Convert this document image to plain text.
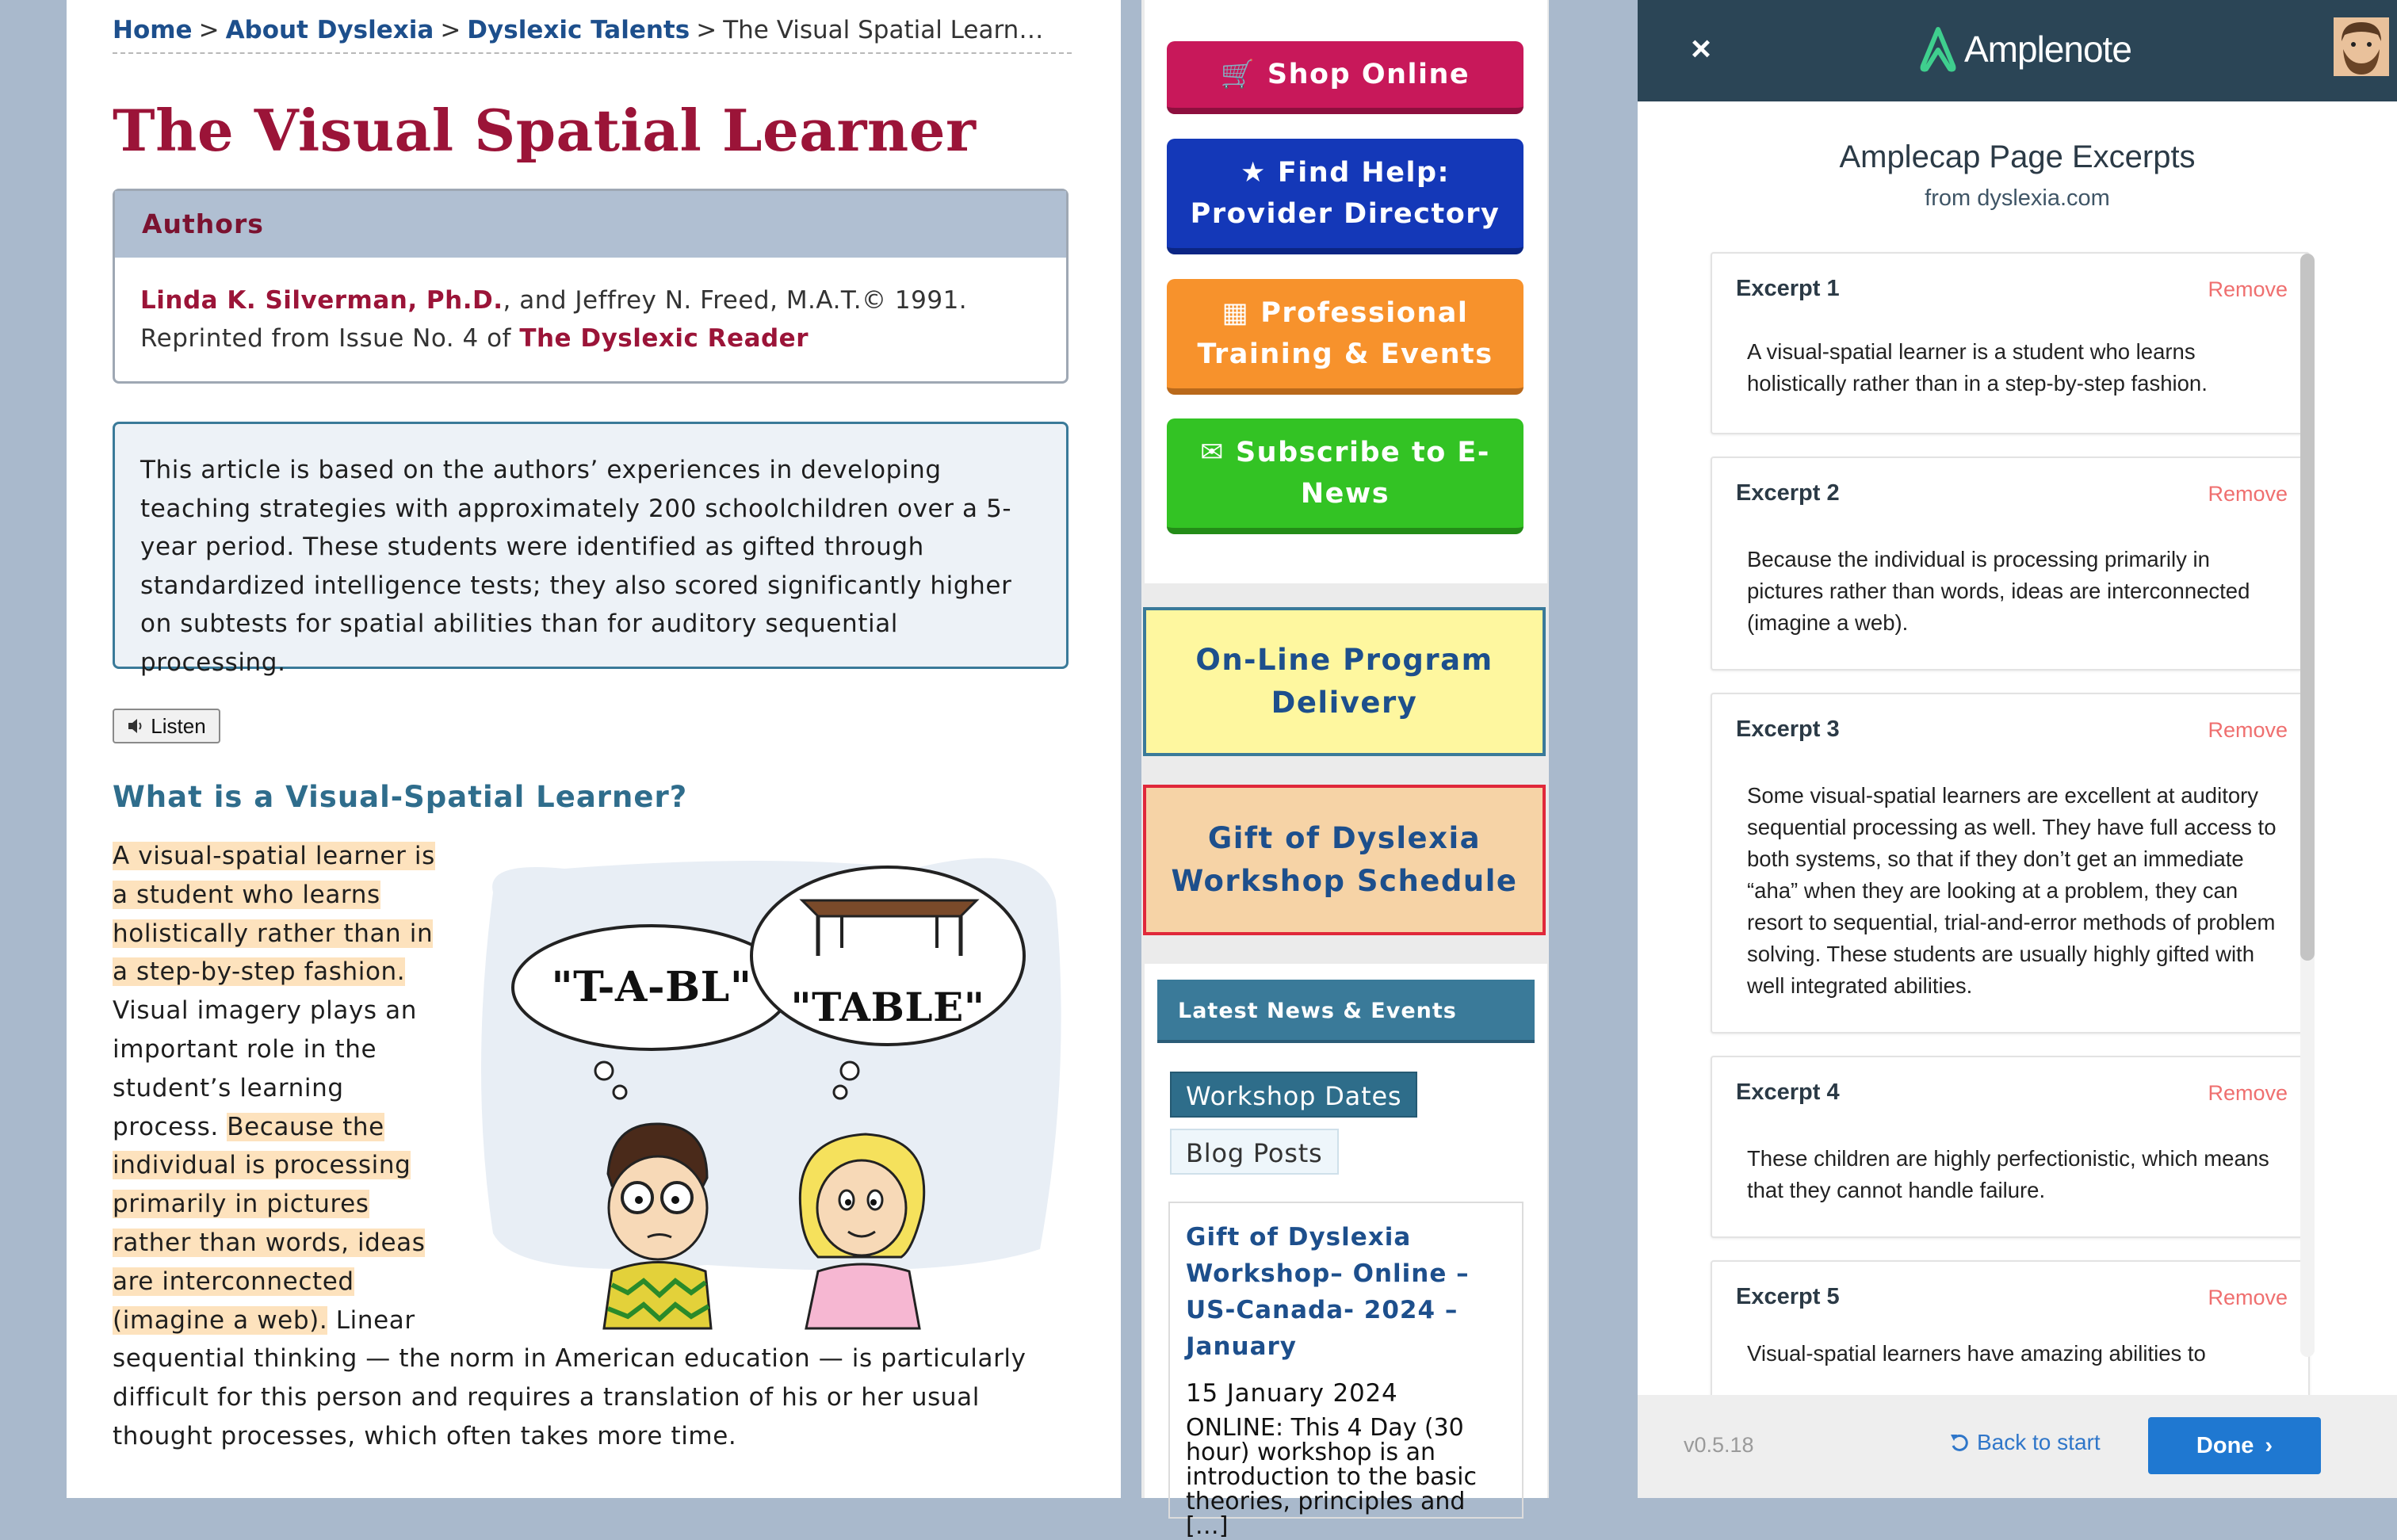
Home > About Dyslexia > Dyslexic Talents > The Visual Spatial Learn…
The Visual Spatial Learner
Authors
Linda K. Silverman, Ph.D., and Jeffrey N. Freed, M.A.T.© 1991. Reprinted from Issue No. 4 of The Dyslexic Reader
This article is based on the authors’ experiences in developing teaching strategies with approximately 200 schoolchildren over a 5-year period. These students were identified as gifted through standardized intelligence tests; they also scored significantly higher on subtests for spatial abilities than for auditory sequential processing.
Listen
What is a Visual-Spatial Learner?
"T-A-BL" "TABLE"
A visual-spatial learner is a student who learns holistically rather than in a step-by-step fashion. Visual imagery plays an important role in the student’s learning process. Because the individual is processing primarily in pictures rather than words, ideas are interconnected (imagine a web). Linear sequential thinking — the norm in American education — is particularly difficult for this person and requires a translation of his or her usual thought processes, which often takes more time.
🛒 Shop Online
★ Find Help:
Provider Directory
▦ Professional
Training & Events
✉ Subscribe to E-
News
On-Line Program
Delivery
Gift of Dyslexia
Workshop Schedule
Latest News & Events
Workshop Dates
Blog Posts
Gift of Dyslexia Workshop– Online – US-Canada- 2024 – January
15 January 2024
ONLINE: This 4 Day (30 hour) workshop is an introduction to the basic theories, principles and […]
×	Amplenote
Amplecap Page Excerpts
from dyslexia.com
Excerpt 1	Remove
A visual-spatial learner is a student who learns holistically rather than in a step-by-step fashion.
Excerpt 2	Remove
Because the individual is processing primarily in pictures rather than words, ideas are interconnected (imagine a web).
Excerpt 3	Remove
Some visual-spatial learners are excellent at auditory sequential processing as well. They have full access to both systems, so that if they don’t get an immediate “aha” when they are looking at a problem, they can resort to sequential, trial-and-error methods of problem solving. These students are usually highly gifted with well integrated abilities.
Excerpt 4	Remove
These children are highly perfectionistic, which means that they cannot handle failure.
Excerpt 5	Remove
Visual-spatial learners have amazing abilities to
v0.5.18	Back to start	Done ›
